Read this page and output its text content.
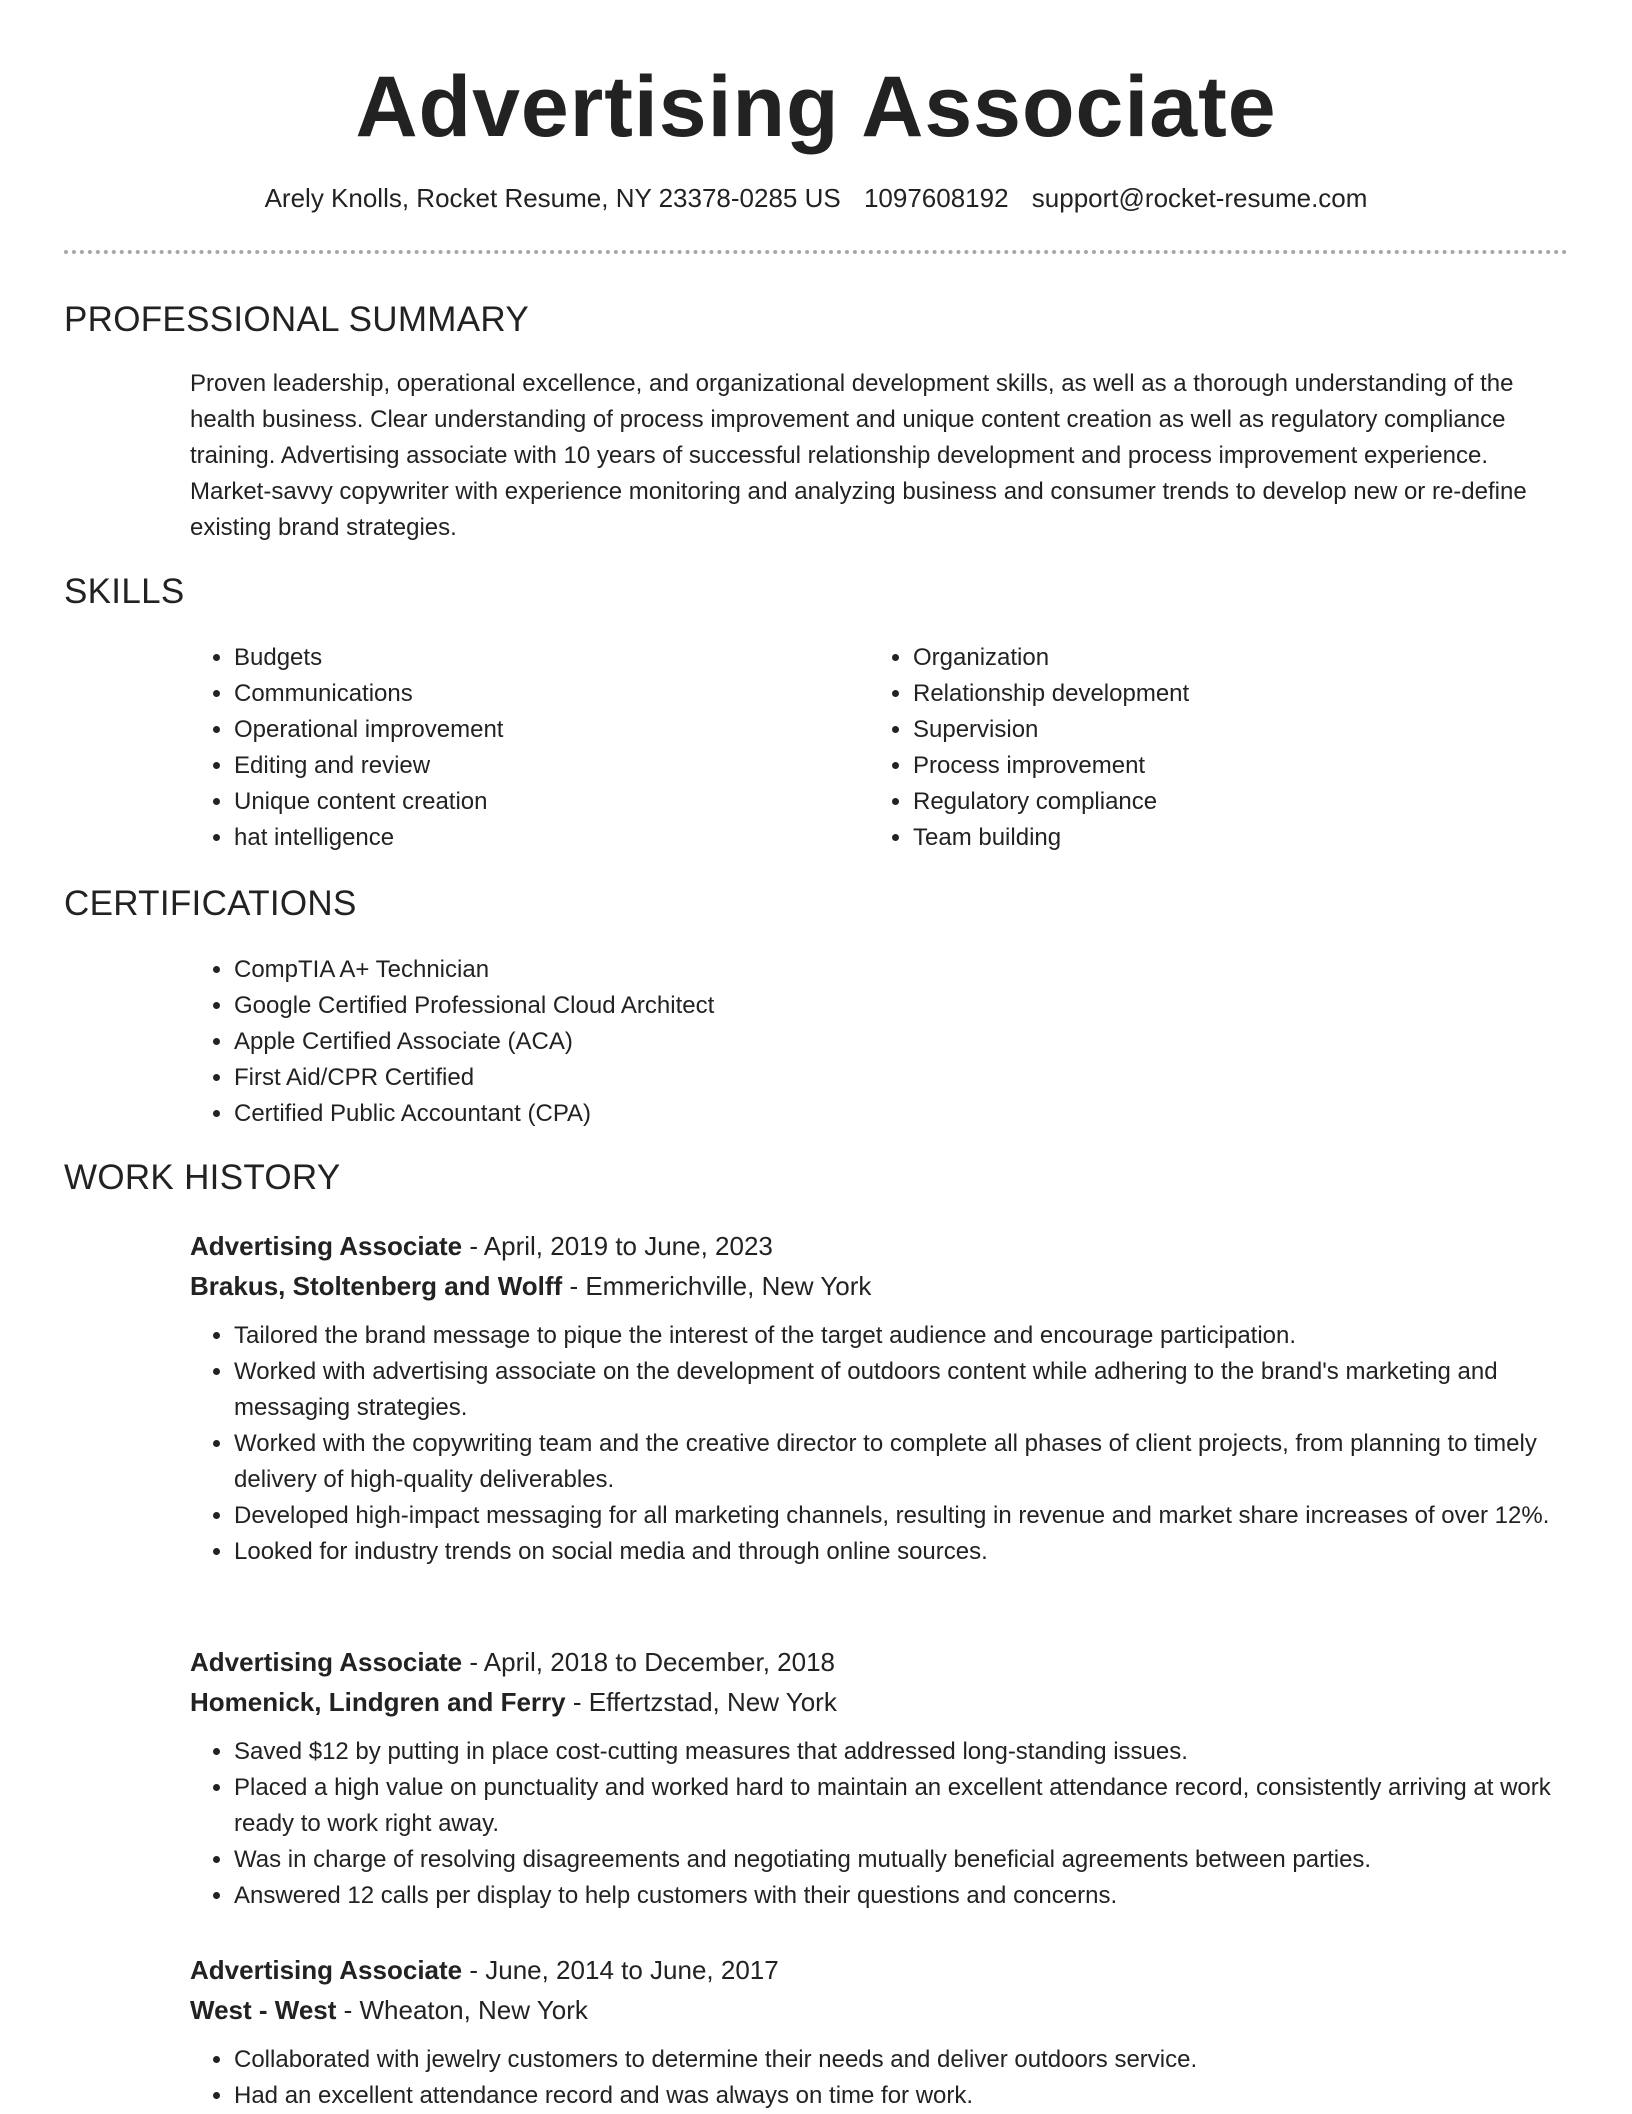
Advertising Associate
Arely Knolls, Rocket Resume, NY 23378-0285 US 1097608192 support@rocket-resume.com
PROFESSIONAL SUMMARY
Proven leadership, operational excellence, and organizational development skills, as well as a thorough understanding of the health business. Clear understanding of process improvement and unique content creation as well as regulatory compliance training. Advertising associate with 10 years of successful relationship development and process improvement experience. Market-savvy copywriter with experience monitoring and analyzing business and consumer trends to develop new or re-define existing brand strategies.
SKILLS
• Budgets
• Communications
• Operational improvement
• Editing and review
• Unique content creation
• hat intelligence
• Organization
• Relationship development
• Supervision
• Process improvement
• Regulatory compliance
• Team building
CERTIFICATIONS
• CompTIA A+ Technician
• Google Certified Professional Cloud Architect
• Apple Certified Associate (ACA)
• First Aid/CPR Certified
• Certified Public Accountant (CPA)
WORK HISTORY
Advertising Associate - April, 2019 to June, 2023
Brakus, Stoltenberg and Wolff - Emmerichville, New York
• Tailored the brand message to pique the interest of the target audience and encourage participation.
• Worked with advertising associate on the development of outdoors content while adhering to the brand's marketing and messaging strategies.
• Worked with the copywriting team and the creative director to complete all phases of client projects, from planning to timely delivery of high-quality deliverables.
• Developed high-impact messaging for all marketing channels, resulting in revenue and market share increases of over 12%.
• Looked for industry trends on social media and through online sources.
Advertising Associate - April, 2018 to December, 2018
Homenick, Lindgren and Ferry - Effertzstad, New York
• Saved $12 by putting in place cost-cutting measures that addressed long-standing issues.
• Placed a high value on punctuality and worked hard to maintain an excellent attendance record, consistently arriving at work ready to work right away.
• Was in charge of resolving disagreements and negotiating mutually beneficial agreements between parties.
• Answered 12 calls per display to help customers with their questions and concerns.
Advertising Associate - June, 2014 to June, 2017
West - West - Wheaton, New York
• Collaborated with jewelry customers to determine their needs and deliver outdoors service.
• Had an excellent attendance record and was always on time for work.
